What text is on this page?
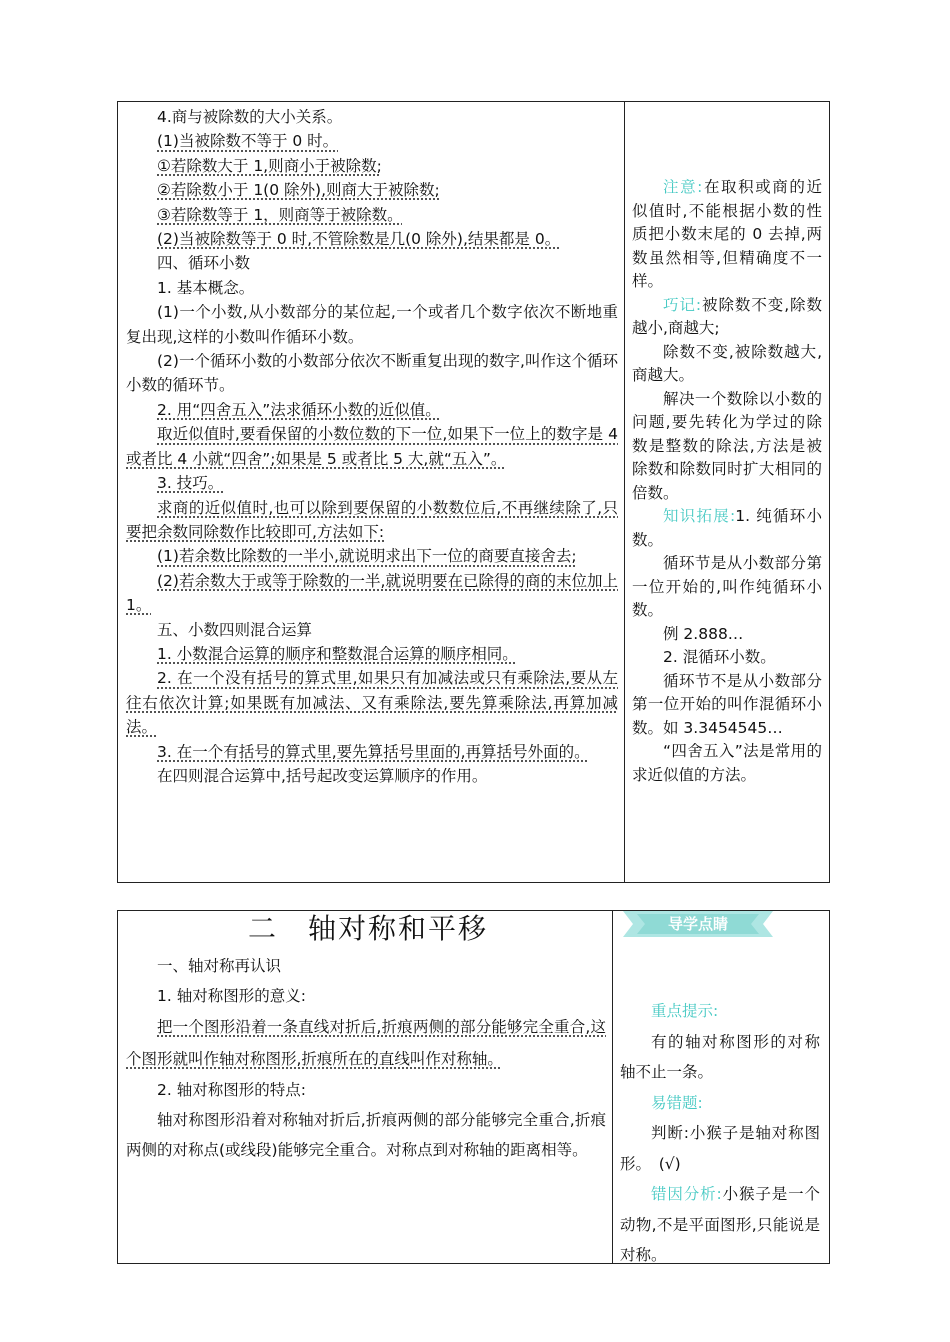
4.商与被除数的大小关系。

(1)当被除数不等于 0 时。

①若除数大于 1,则商小于被除数;

②若除数小于 1(0 除外),则商大于被除数;

③若除数等于 1，则商等于被除数。

(2)当被除数等于 0 时,不管除数是几(0 除外),结果都是 0。

四、循环小数

1. 基本概念。

(1)一个小数,从小数部分的某位起,一个或者几个数字依次不断地重复出现,这样的小数叫作循环小数。

(2)一个循环小数的小数部分依次不断重复出现的数字,叫作这个循环小数的循环节。

2. 用“四舍五入”法求循环小数的近似值。

取近似值时,要看保留的小数位数的下一位,如果下一位上的数字是 4 或者比 4 小就“四舍”;如果是 5 或者比 5 大,就“五入”。

3. 技巧。

求商的近似值时,也可以除到要保留的小数数位后,不再继续除了,只要把余数同除数作比较即可,方法如下:

(1)若余数比除数的一半小,就说明求出下一位的商要直接舍去;

(2)若余数大于或等于除数的一半,就说明要在已除得的商的末位加上 1。

五、小数四则混合运算

1. 小数混合运算的顺序和整数混合运算的顺序相同。

2. 在一个没有括号的算式里,如果只有加减法或只有乘除法,要从左往右依次计算;如果既有加减法、又有乘除法,要先算乘除法,再算加减法。

3. 在一个有括号的算式里,要先算括号里面的,再算括号外面的。

在四则混合运算中,括号起改变运算顺序的作用。

注意:在取积或商的近似值时,不能根据小数的性质把小数末尾的 0 去掉,两数虽然相等,但精确度不一样。

巧记:被除数不变,除数越小,商越大;

除数不变,被除数越大,商越大。

解决一个数除以小数的问题,要先转化为学过的除数是整数的除法,方法是被除数和除数同时扩大相同的倍数。

知识拓展:1. 纯循环小数。

循环节是从小数部分第一位开始的,叫作纯循环小数。

例 2.888…

2. 混循环小数。

循环节不是从小数部分第一位开始的叫作混循环小数。如 3.3454545…

“四舍五入”法是常用的求近似值的方法。

二　轴对称和平移	导学点睛

一、轴对称再认识

1. 轴对称图形的意义:

把一个图形沿着一条直线对折后,折痕两侧的部分能够完全重合,这个图形就叫作轴对称图形,折痕所在的直线叫作对称轴。

2. 轴对称图形的特点:

轴对称图形沿着对称轴对折后,折痕两侧的部分能够完全重合,折痕两侧的对称点(或线段)能够完全重合。对称点到对称轴的距离相等。

重点提示:

有的轴对称图形的对称轴不止一条。

易错题:

判断:小猴子是轴对称图形。　(√)

错因分析:小猴子是一个动物,不是平面图形,只能说是对称。
